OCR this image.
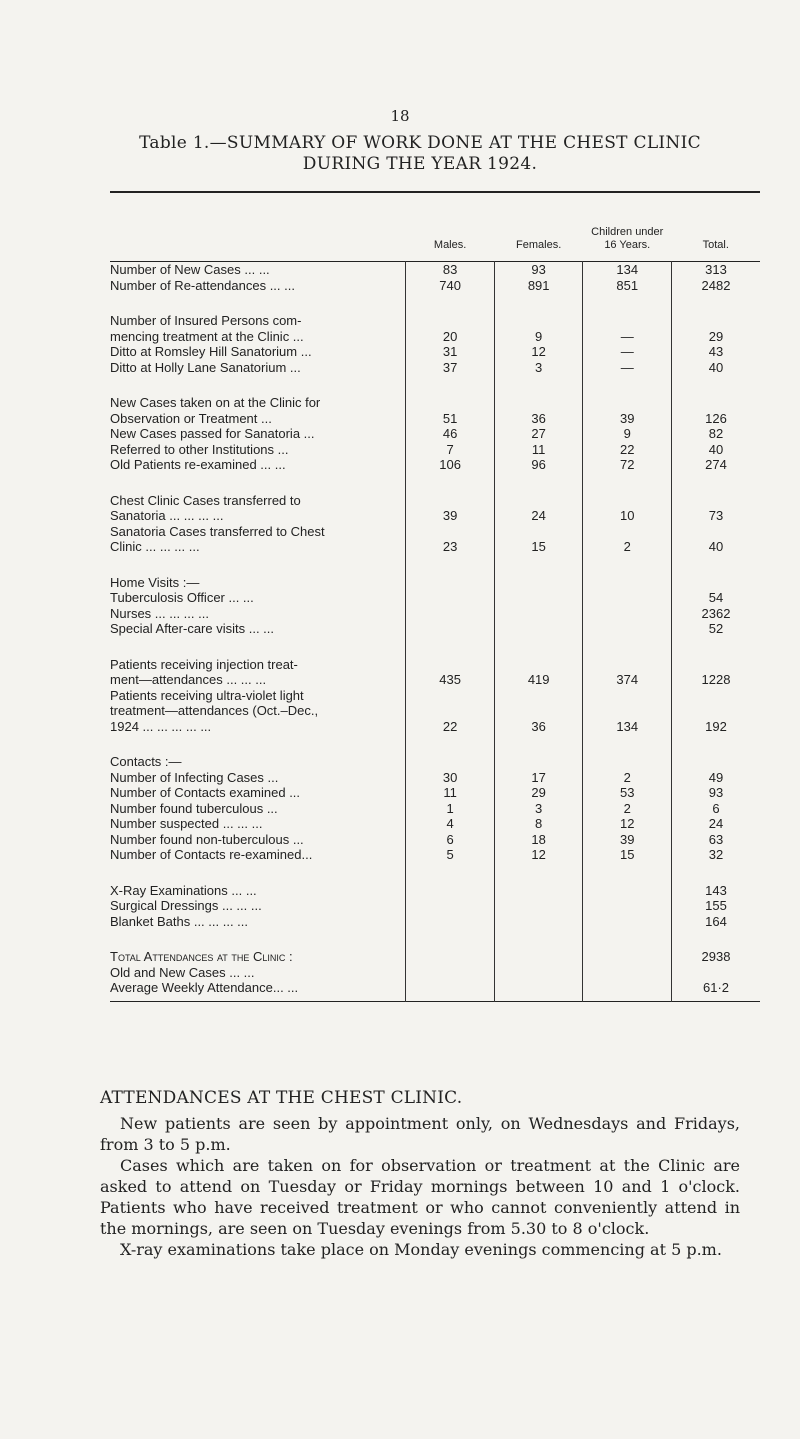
18
Table 1.—SUMMARY OF WORK DONE AT THE CHEST CLINIC
DURING THE YEAR 1924.
	Males.	Females.	Children under 16 Years.	Total.
Number of New Cases ... ...	83	93	134	313
Number of Re-attendances ... ...	740	891	851	2482
Number of Insured Persons com-				
mencing treatment at the Clinic ...	20	9	—	29
Ditto at Romsley Hill Sanatorium ...	31	12	—	43
Ditto at Holly Lane Sanatorium ...	37	3	—	40
New Cases taken on at the Clinic for				
Observation or Treatment ...	51	36	39	126
New Cases passed for Sanatoria ...	46	27	9	82
Referred to other Institutions ...	7	11	22	40
Old Patients re-examined ... ...	106	96	72	274
Chest Clinic Cases transferred to				
Sanatoria ... ... ... ...	39	24	10	73
Sanatoria Cases transferred to Chest				
Clinic ... ... ... ...	23	15	2	40
Home Visits :—				
Tuberculosis Officer ... ...				54
Nurses ... ... ... ...				2362
Special After-care visits ... ...				52
Patients receiving injection treat-				
ment—attendances ... ... ...	435	419	374	1228
Patients receiving ultra-violet light				
treatment—attendances (Oct.–Dec.,				
1924 ... ... ... ... ...	22	36	134	192
Contacts :—				
Number of Infecting Cases ...	30	17	2	49
Number of Contacts examined ...	11	29	53	93
Number found tuberculous ...	1	3	2	6
Number suspected ... ... ...	4	8	12	24
Number found non-tuberculous ...	6	18	39	63
Number of Contacts re-examined...	5	12	15	32
X-Ray Examinations ... ...				143
Surgical Dressings ... ... ...				155
Blanket Baths ... ... ... ...				164
Total Attendances at the Clinic :				2938
Old and New Cases ... ...				
Average Weekly Attendance... ...				61·2
ATTENDANCES AT THE CHEST CLINIC.

New patients are seen by appointment only, on Wednesdays and Fridays, from 3 to 5 p.m.

Cases which are taken on for observation or treatment at the Clinic are asked to attend on Tuesday or Friday mornings between 10 and 1 o'clock. Patients who have received treatment or who cannot conveniently attend in the mornings, are seen on Tuesday evenings from 5.30 to 8 o'clock.

X-ray examinations take place on Monday evenings commencing at 5 p.m.
